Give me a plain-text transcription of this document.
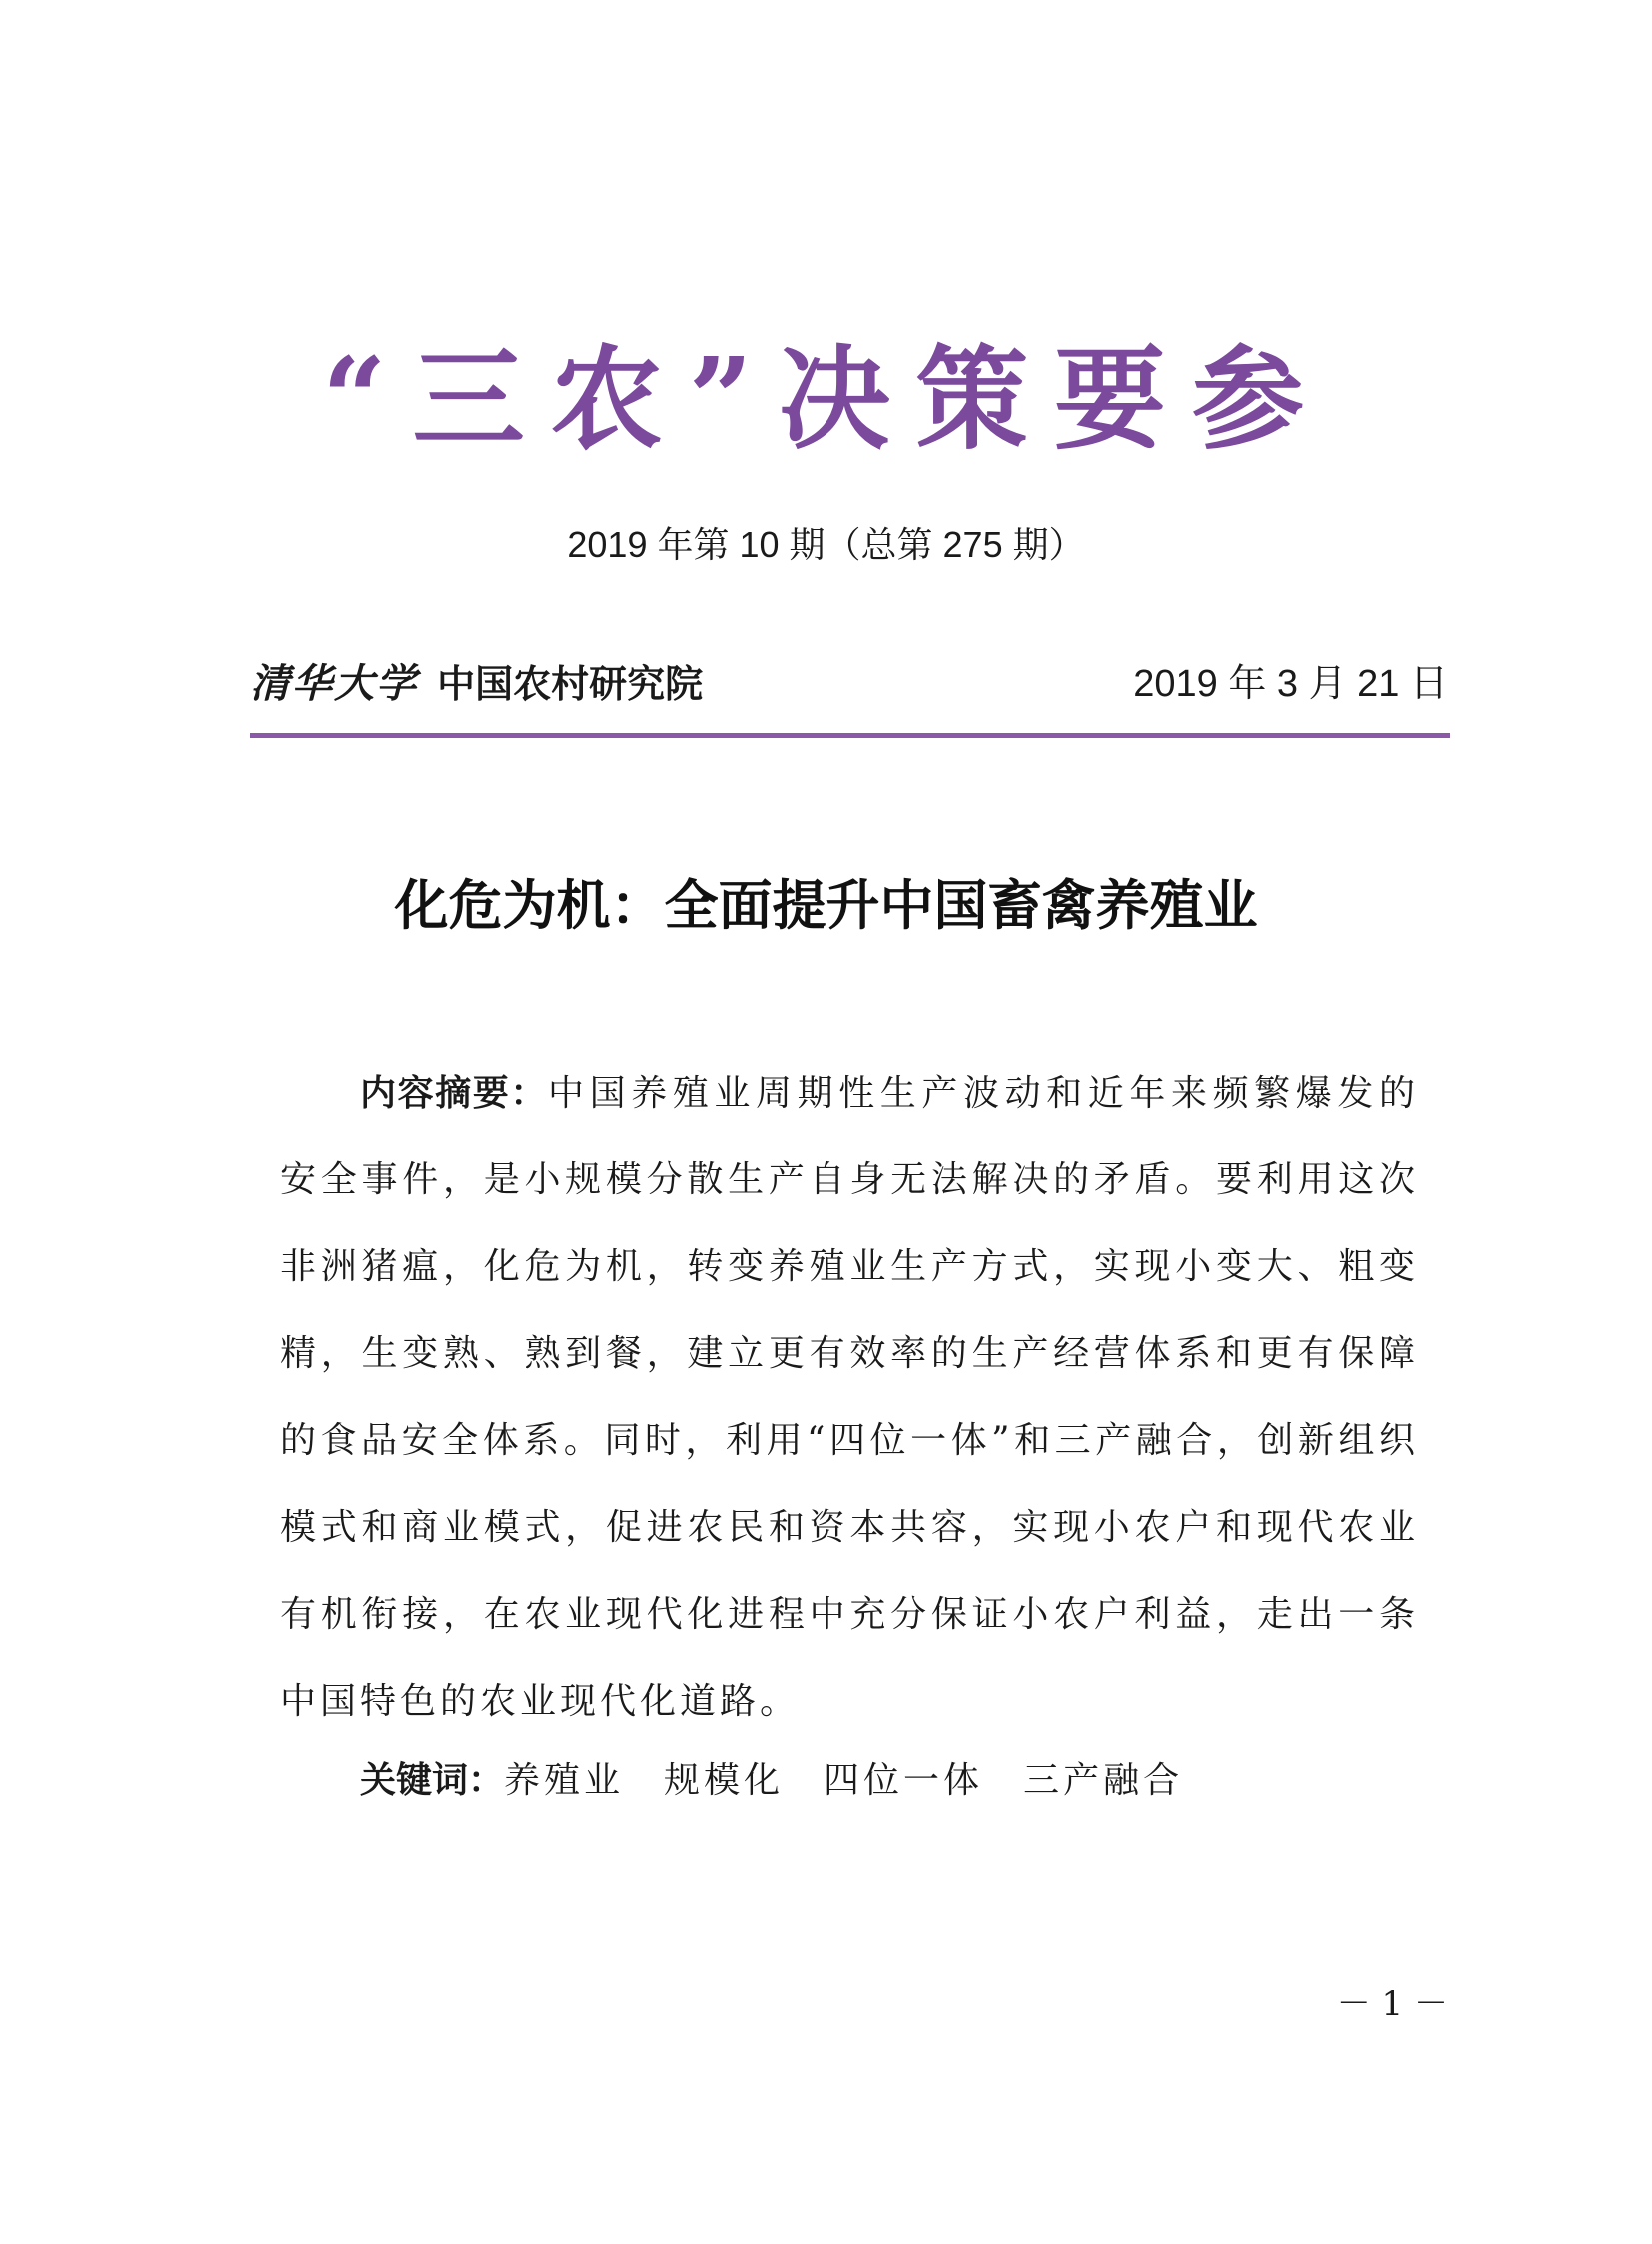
“三农”决策要参
2019 年第 10 期（总第 275 期）
清华大学 中国农村研究院	2019 年 3 月 21 日
化危为机：全面提升中国畜禽养殖业
内容摘要：中国养殖业周期性生产波动和近年来频繁爆发的安全事件，是小规模分散生产自身无法解决的矛盾。要利用这次非洲猪瘟，化危为机，转变养殖业生产方式，实现小变大、粗变精，生变熟、熟到餐，建立更有效率的生产经营体系和更有保障的食品安全体系。同时，利用“四位一体”和三产融合，创新组织模式和商业模式，促进农民和资本共容，实现小农户和现代农业有机衔接，在农业现代化进程中充分保证小农户利益，走出一条中国特色的农业现代化道路。
关键词：养殖业 规模化 四位一体 三产融合
－ 1 －
